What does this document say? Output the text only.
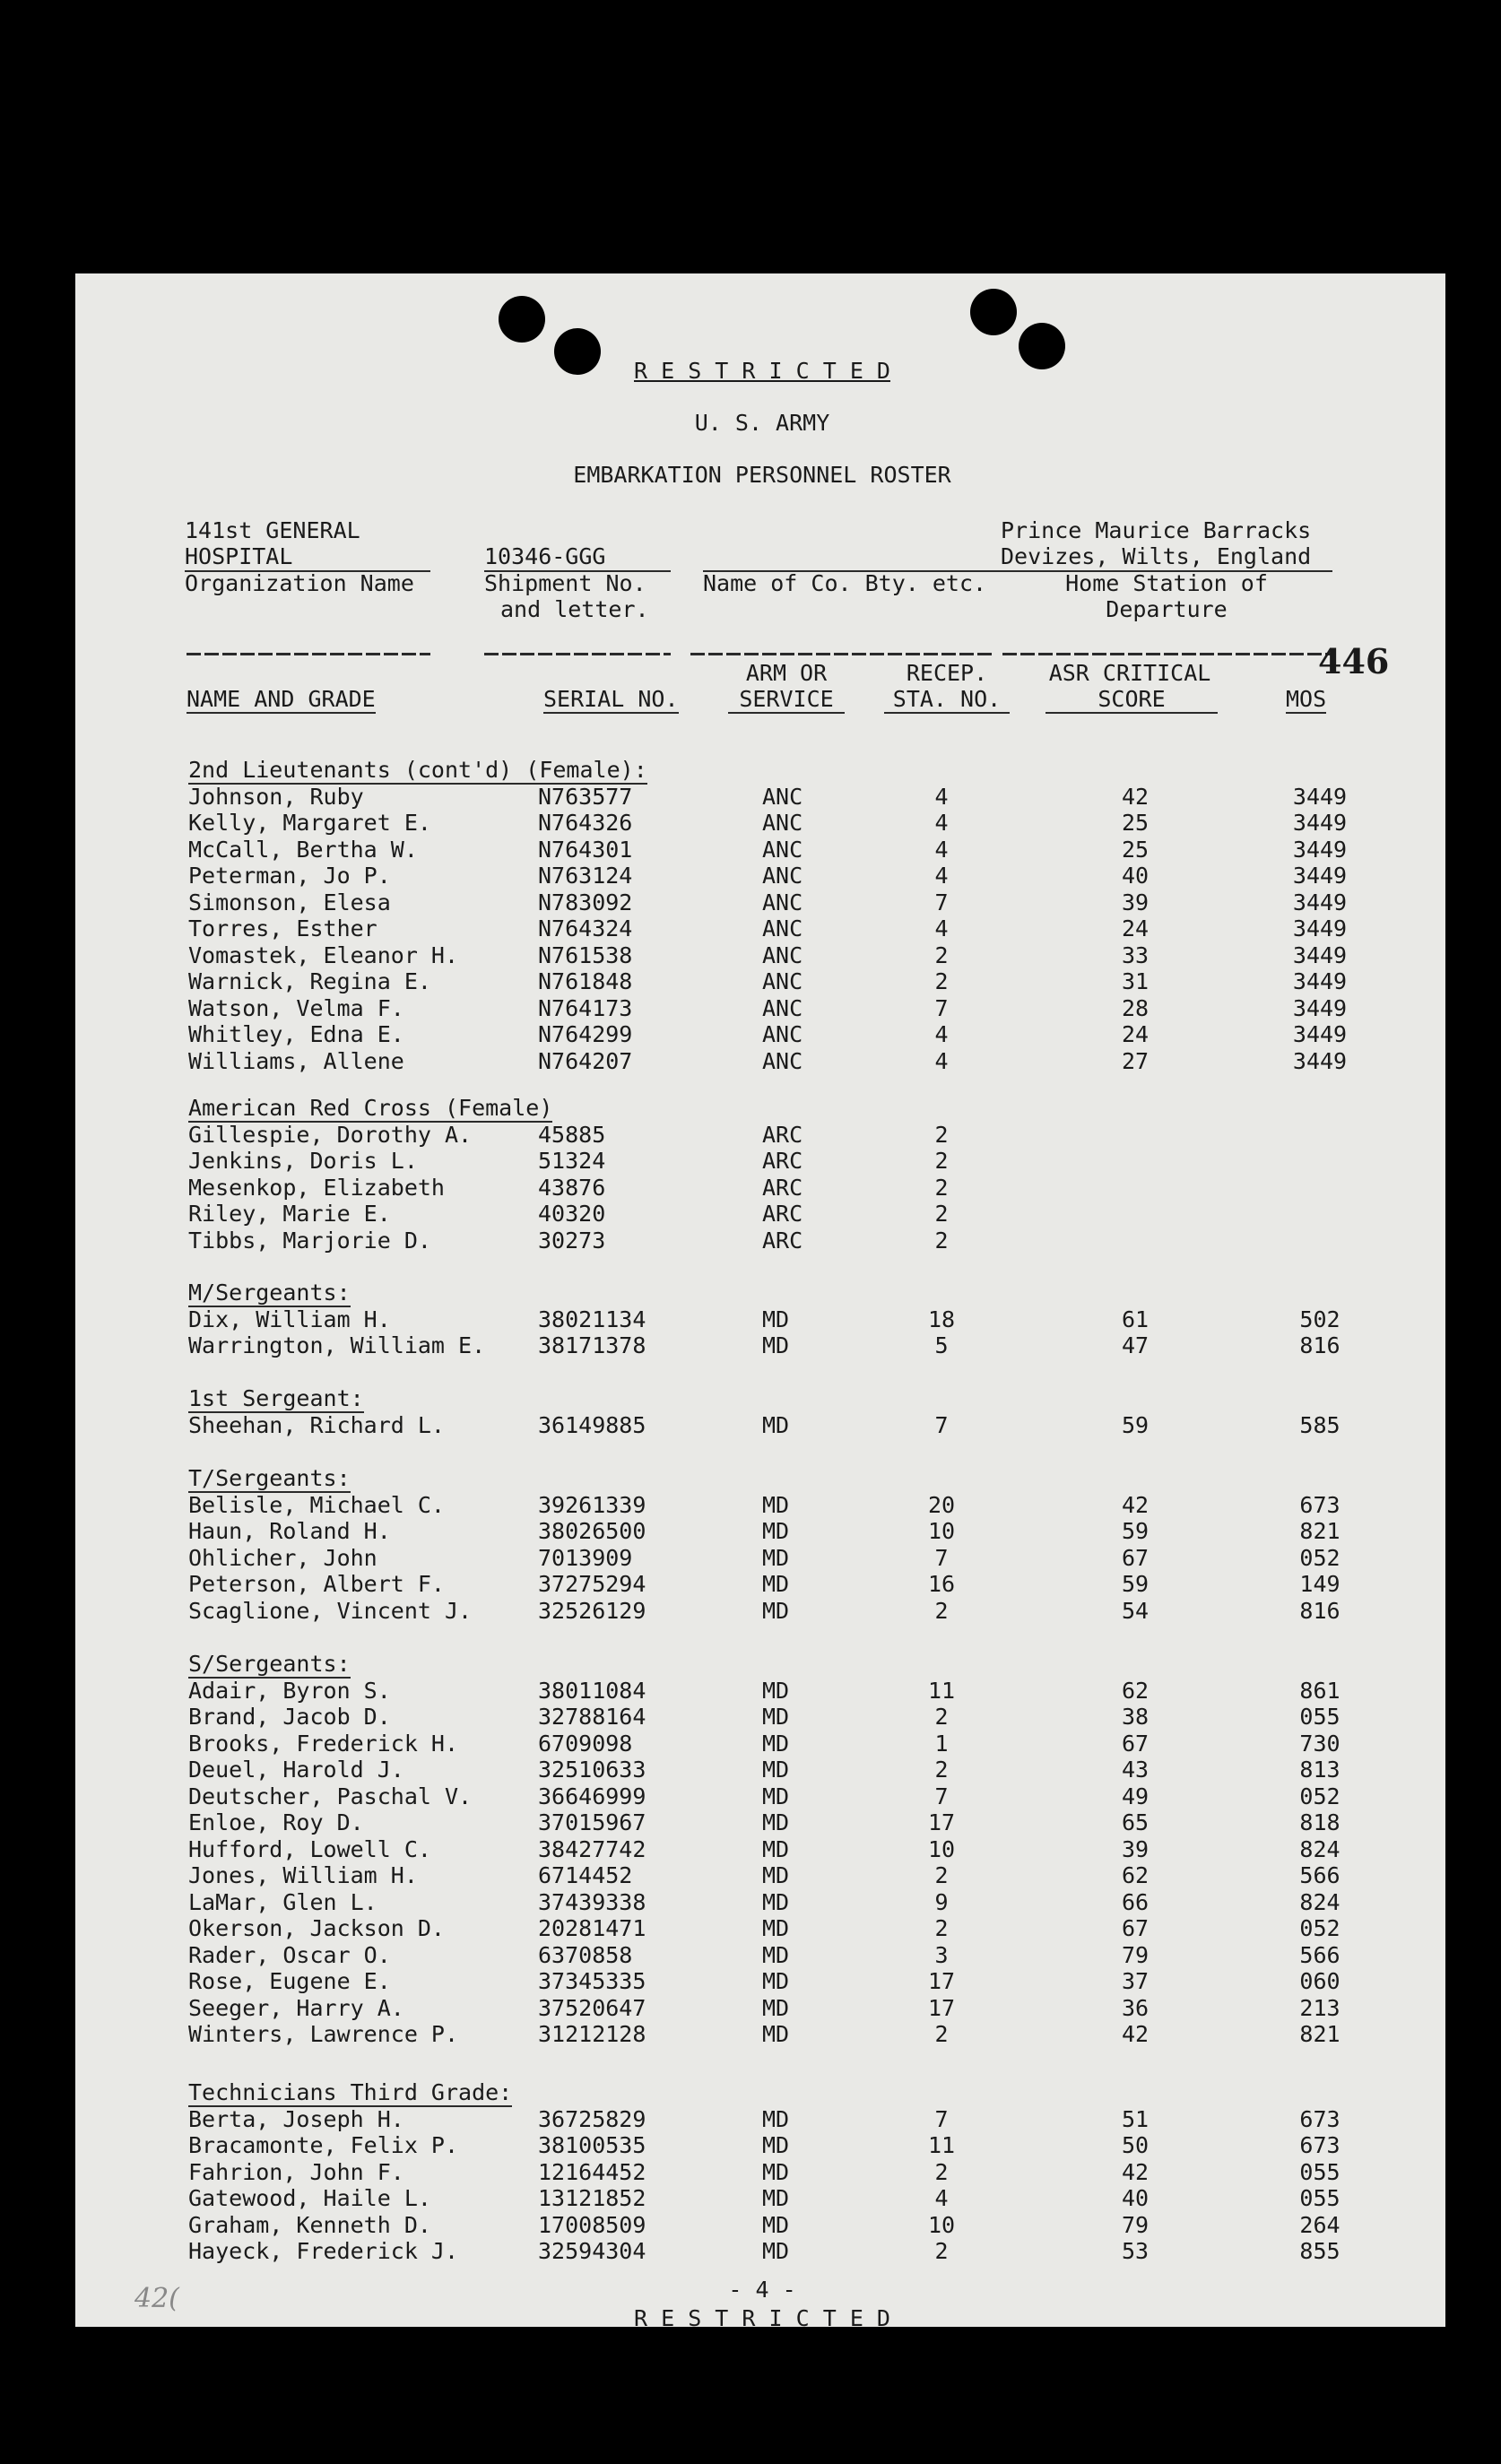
R E S T R I C T E D
U. S. ARMY
EMBARKATION PERSONNEL ROSTER
141st GENERAL
HOSPITAL
Organization Name
10346-GGG
Shipment No.
and letter.
Name of Co. Bty. etc.
Prince Maurice Barracks
Devizes, Wilts, England
Home Station of
Departure
446
NAME AND GRADE	SERIAL NO.
ARM OR
SERVICE
RECEP.
STA. NO.
ASR CRITICAL
SCORE	MOS
2nd Lieutenants (cont'd) (Female):
Johnson, Ruby	N763577	ANC	4	42	3449
Kelly, Margaret E.	N764326	ANC	4	25	3449
McCall, Bertha W.	N764301	ANC	4	25	3449
Peterman, Jo P.	N763124	ANC	4	40	3449
Simonson, Elesa	N783092	ANC	7	39	3449
Torres, Esther	N764324	ANC	4	24	3449
Vomastek, Eleanor H.	N761538	ANC	2	33	3449
Warnick, Regina E.	N761848	ANC	2	31	3449
Watson, Velma F.	N764173	ANC	7	28	3449
Whitley, Edna E.	N764299	ANC	4	24	3449
Williams, Allene	N764207	ANC	4	27	3449
American Red Cross (Female)
Gillespie, Dorothy A.	45885	ARC	2
Jenkins, Doris L.	51324	ARC	2
Mesenkop, Elizabeth	43876	ARC	2
Riley, Marie E.	40320	ARC	2
Tibbs, Marjorie D.	30273	ARC	2
M/Sergeants:
Dix, William H.	38021134	MD	18	61	502
Warrington, William E. 38171378	MD	5	47	816
1st Sergeant:
Sheehan, Richard L.	36149885	MD	7	59	585
T/Sergeants:
Belisle, Michael C.	39261339	MD	20	42	673
Haun, Roland H.	38026500	MD	10	59	821
Ohlicher, John	7013909	MD	7	67	052
Peterson, Albert F.	37275294	MD	16	59	149
Scaglione, Vincent J.	32526129	MD	2	54	816
S/Sergeants:
Adair, Byron S.	38011084	MD	11	62	861
Brand, Jacob D.	32788164	MD	2	38	055
Brooks, Frederick H.	6709098	MD	1	67	730
Deuel, Harold J.	32510633	MD	2	43	813
Deutscher, Paschal V.	36646999	MD	7	49	052
Enloe, Roy D.	37015967	MD	17	65	818
Hufford, Lowell C.	38427742	MD	10	39	824
Jones, William H.	6714452	MD	2	62	566
LaMar, Glen L.	37439338	MD	9	66	824
Okerson, Jackson D.	20281471	MD	2	67	052
Rader, Oscar O.	6370858	MD	3	79	566
Rose, Eugene E.	37345335	MD	17	37	060
Seeger, Harry A.	37520647	MD	17	36	213
Winters, Lawrence P.	31212128	MD	2	42	821
Technicians Third Grade:
Berta, Joseph H.	36725829	MD	7	51	673
Bracamonte, Felix P.	38100535	MD	11	50	673
Fahrion, John F.	12164452	MD	2	42	055
Gatewood, Haile L.	13121852	MD	4	40	055
Graham, Kenneth D.	17008509	MD	10	79	264
Hayeck, Frederick J.	32594304	MD	2	53	855
- 4 -
R E S T R I C T E D
42(
